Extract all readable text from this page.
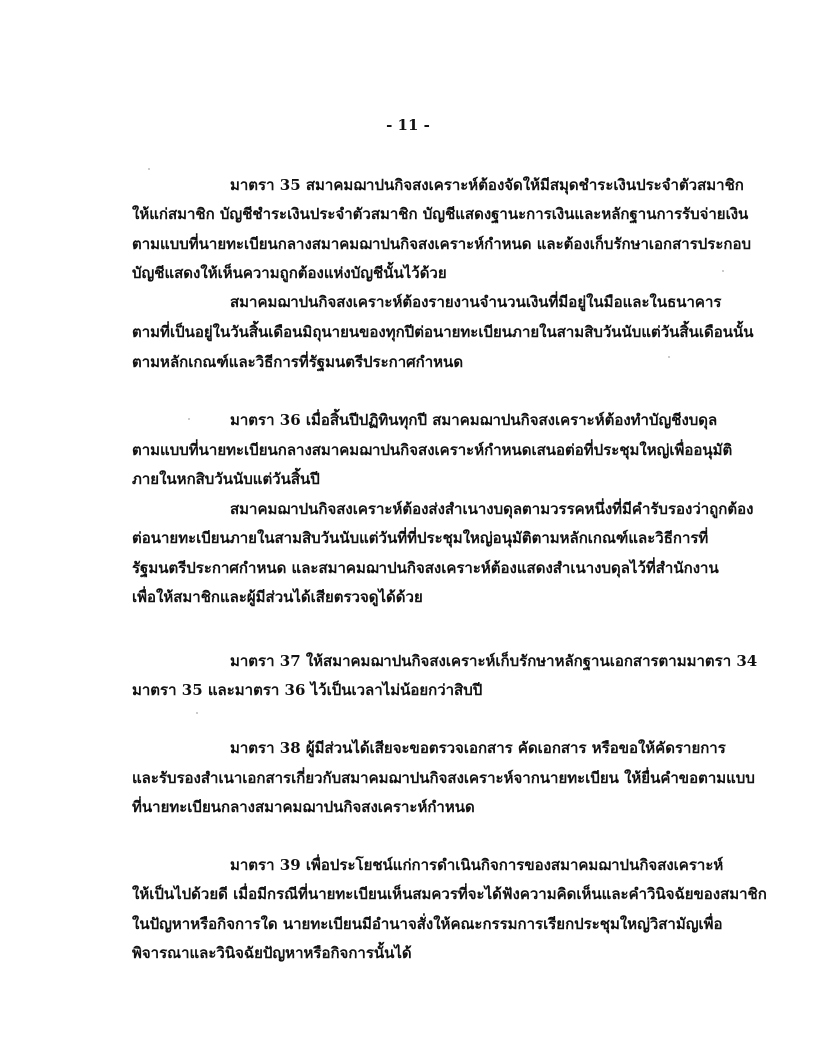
- 11 -
มาตรา 35 สมาคมฌาปนกิจสงเคราะห์ต้องจัดให้มีสมุดชำระเงินประจำตัวสมาชิก
ให้แก่สมาชิก บัญชีชำระเงินประจำตัวสมาชิก บัญชีแสดงฐานะการเงินและหลักฐานการรับจ่ายเงิน
ตามแบบที่นายทะเบียนกลางสมาคมฌาปนกิจสงเคราะห์กำหนด และต้องเก็บรักษาเอกสารประกอบ
บัญชีแสดงให้เห็นความถูกต้องแห่งบัญชีนั้นไว้ด้วย
สมาคมฌาปนกิจสงเคราะห์ต้องรายงานจำนวนเงินที่มีอยู่ในมือและในธนาคาร
ตามที่เป็นอยู่ในวันสิ้นเดือนมิถุนายนของทุกปีต่อนายทะเบียนภายในสามสิบวันนับแต่วันสิ้นเดือนนั้น
ตามหลักเกณฑ์และวิธีการที่รัฐมนตรีประกาศกำหนด
มาตรา 36 เมื่อสิ้นปีปฏิทินทุกปี สมาคมฌาปนกิจสงเคราะห์ต้องทำบัญชีงบดุล
ตามแบบที่นายทะเบียนกลางสมาคมฌาปนกิจสงเคราะห์กำหนดเสนอต่อที่ประชุมใหญ่เพื่ออนุมัติ
ภายในหกสิบวันนับแต่วันสิ้นปี
สมาคมฌาปนกิจสงเคราะห์ต้องส่งสำเนางบดุลตามวรรคหนึ่งที่มีคำรับรองว่าถูกต้อง
ต่อนายทะเบียนภายในสามสิบวันนับแต่วันที่ที่ประชุมใหญ่อนุมัติตามหลักเกณฑ์และวิธีการที่
รัฐมนตรีประกาศกำหนด และสมาคมฌาปนกิจสงเคราะห์ต้องแสดงสำเนางบดุลไว้ที่สำนักงาน
เพื่อให้สมาชิกและผู้มีส่วนได้เสียตรวจดูได้ด้วย
มาตรา 37 ให้สมาคมฌาปนกิจสงเคราะห์เก็บรักษาหลักฐานเอกสารตามมาตรา 34
มาตรา 35 และมาตรา 36 ไว้เป็นเวลาไม่น้อยกว่าสิบปี
มาตรา 38 ผู้มีส่วนได้เสียจะขอตรวจเอกสาร คัดเอกสาร หรือขอให้คัดรายการ
และรับรองสำเนาเอกสารเกี่ยวกับสมาคมฌาปนกิจสงเคราะห์จากนายทะเบียน ให้ยื่นคำขอตามแบบ
ที่นายทะเบียนกลางสมาคมฌาปนกิจสงเคราะห์กำหนด
มาตรา 39 เพื่อประโยชน์แก่การดำเนินกิจการของสมาคมฌาปนกิจสงเคราะห์
ให้เป็นไปด้วยดี เมื่อมีกรณีที่นายทะเบียนเห็นสมควรที่จะได้ฟังความคิดเห็นและคำวินิจฉัยของสมาชิก
ในปัญหาหรือกิจการใด นายทะเบียนมีอำนาจสั่งให้คณะกรรมการเรียกประชุมใหญ่วิสามัญเพื่อ
พิจารณาและวินิจฉัยปัญหาหรือกิจการนั้นได้
